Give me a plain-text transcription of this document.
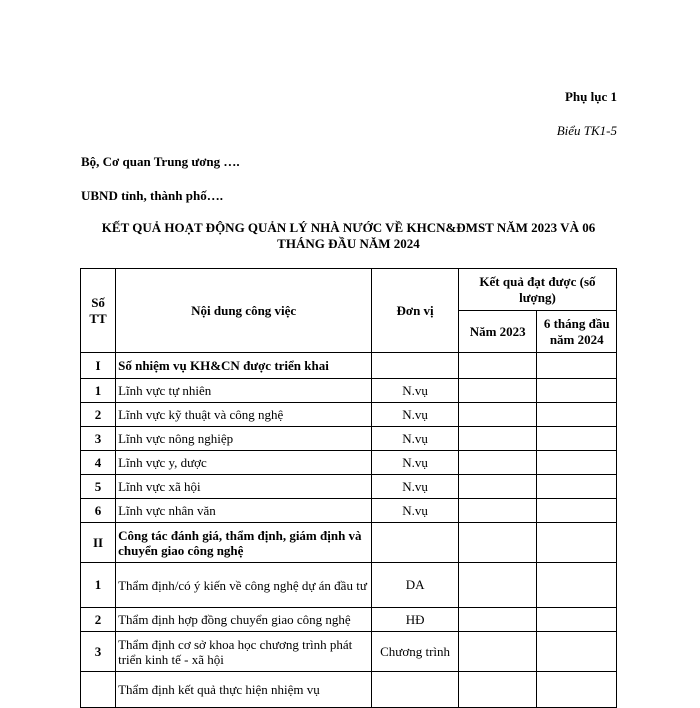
Phụ lục 1
Biểu TK1-5
Bộ, Cơ quan Trung ương ….
UBND tỉnh, thành phố….
KẾT QUẢ HOẠT ĐỘNG QUẢN LÝ NHÀ NƯỚC VỀ KHCN&ĐMST NĂM 2023 VÀ 06 THÁNG ĐẦU NĂM 2024
Số TT	Nội dung công việc	Đơn vị	Kết quả đạt được (số lượng)	
			Năm 2023	6 tháng đầu năm 2024
I	Số nhiệm vụ KH&CN được triển khai			
1	Lĩnh vực tự nhiên	N.vụ		
2	Lĩnh vực kỹ thuật và công nghệ	N.vụ		
3	Lĩnh vực nông nghiệp	N.vụ		
4	Lĩnh vực y, dược	N.vụ		
5	Lĩnh vực xã hội	N.vụ		
6	Lĩnh vực nhân văn	N.vụ		
II	Công tác đánh giá, thẩm định, giám định và chuyển giao công nghệ			
1	Thẩm định/có ý kiến về công nghệ dự án đầu tư	DA		
2	Thẩm định hợp đồng chuyển giao công nghệ	HĐ		
3	Thẩm định cơ sở khoa học chương trình phát triển kinh tế - xã hội	Chương trình		
	Thẩm định kết quả thực hiện nhiệm vụ			
